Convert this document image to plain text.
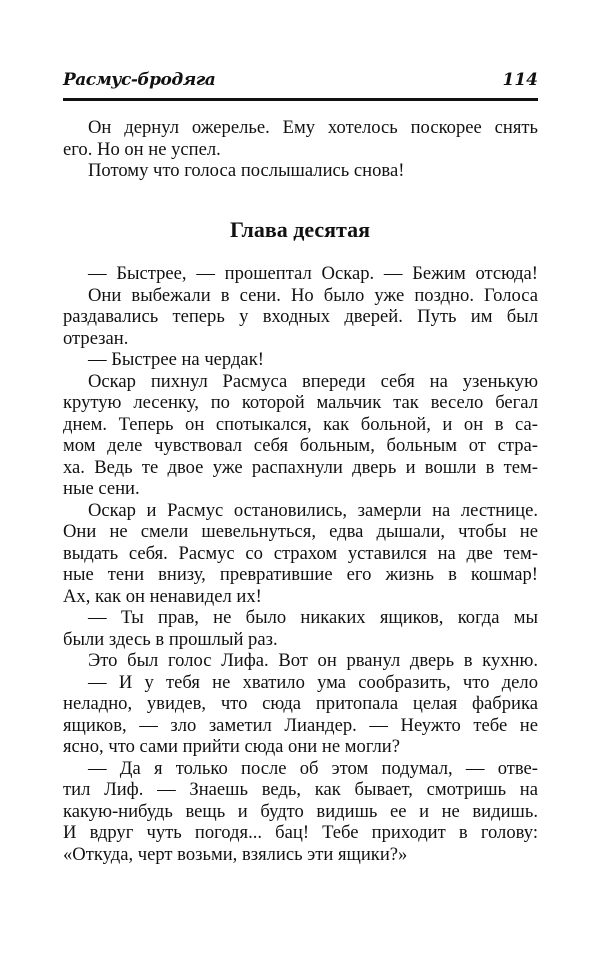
Расмус-бродяга	114
Он дернул ожерелье. Ему хотелось поскорее снять
его. Но он не успел.
Потому что голоса послышались снова!
Глава десятая
— Быстрее, — прошептал Оскар. — Бежим отсюда!
Они выбежали в сени. Но было уже поздно. Голоса
раздавались теперь у входных дверей. Путь им был
отрезан.
— Быстрее на чердак!
Оскар пихнул Расмуса впереди себя на узенькую
крутую лесенку, по которой мальчик так весело бегал
днем. Теперь он спотыкался, как больной, и он в са-
мом деле чувствовал себя больным, больным от стра-
ха. Ведь те двое уже распахнули дверь и вошли в тем-
ные сени.
Оскар и Расмус остановились, замерли на лестнице.
Они не смели шевельнуться, едва дышали, чтобы не
выдать себя. Расмус со страхом уставился на две тем-
ные тени внизу, превратившие его жизнь в кошмар!
Ах, как он ненавидел их!
— Ты прав, не было никаких ящиков, когда мы
были здесь в прошлый раз.
Это был голос Лифа. Вот он рванул дверь в кухню.
— И у тебя не хватило ума сообразить, что дело
неладно, увидев, что сюда притопала целая фабрика
ящиков, — зло заметил Лиандер. — Неужто тебе не
ясно, что сами прийти сюда они не могли?
— Да я только после об этом подумал, — отве-
тил Лиф. — Знаешь ведь, как бывает, смотришь на
какую-нибудь вещь и будто видишь ее и не видишь.
И вдруг чуть погодя... бац! Тебе приходит в голову:
«Откуда, черт возьми, взялись эти ящики?»
